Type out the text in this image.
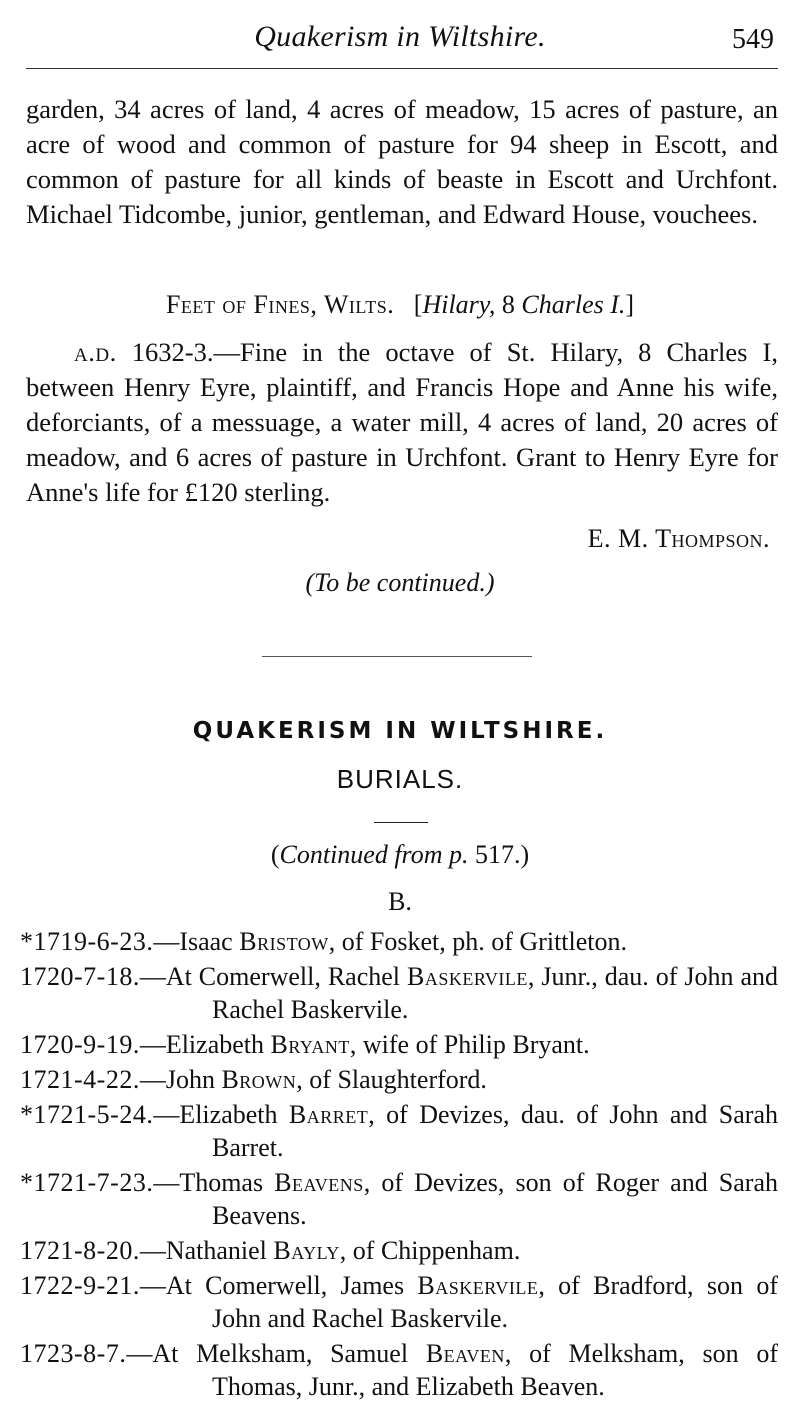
Quakerism in Wiltshire.	549

garden, 34 acres of land, 4 acres of meadow, 15 acres of pasture, an acre of wood and common of pasture for 94 sheep in Escott, and common of pasture for all kinds of beaste in Escott and Urchfont. Michael Tidcombe, junior, gentleman, and Edward House, vouchees.

Feet of Fines, Wilts. [Hilary, 8 Charles I.]

a.d. 1632-3.—Fine in the octave of St. Hilary, 8 Charles I, between Henry Eyre, plaintiff, and Francis Hope and Anne his wife, deforciants, of a messuage, a water mill, 4 acres of land, 20 acres of meadow, and 6 acres of pasture in Urchfont. Grant to Henry Eyre for Anne's life for £120 sterling.

E. M. Thompson.
(To be continued.)
QUAKERISM IN WILTSHIRE.
BURIALS.
(Continued from p. 517.)
B.

*1719-6-23.—Isaac Bristow, of Fosket, ph. of Grittleton.

1720-7-18.—At Comerwell, Rachel Baskervile, Junr., dau. of John and Rachel Baskervile.

1720-9-19.—Elizabeth Bryant, wife of Philip Bryant.

1721-4-22.—John Brown, of Slaughterford.

*1721-5-24.—Elizabeth Barret, of Devizes, dau. of John and Sarah Barret.

*1721-7-23.—Thomas Beavens, of Devizes, son of Roger and Sarah Beavens.

1721-8-20.—Nathaniel Bayly, of Chippenham.

1722-9-21.—At Comerwell, James Baskervile, of Bradford, son of John and Rachel Baskervile.

1723-8-7.—At Melksham, Samuel Beaven, of Melksham, son of Thomas, Junr., and Elizabeth Beaven.
